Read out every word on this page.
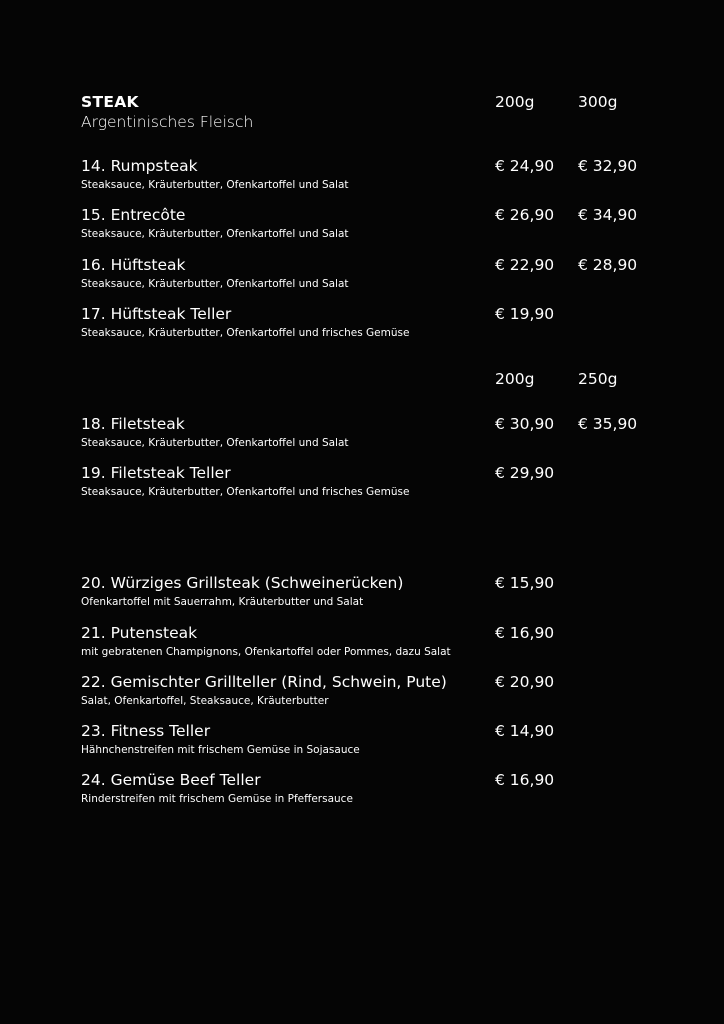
STEAK
Argentinisches Fleisch
200g	300g
14. Rumpsteak
Steaksauce, Kräuterbutter, Ofenkartoffel und Salat
€ 24,90 € 32,90
15. Entrecôte
Steaksauce, Kräuterbutter, Ofenkartoffel und Salat
€ 26,90 € 34,90
16. Hüftsteak
Steaksauce, Kräuterbutter, Ofenkartoffel und Salat
€ 22,90 € 28,90
17. Hüftsteak Teller
Steaksauce, Kräuterbutter, Ofenkartoffel und frisches Gemüse
€ 19,90
200g	250g
18. Filetsteak
Steaksauce, Kräuterbutter, Ofenkartoffel und Salat
€ 30,90 € 35,90
19. Filetsteak Teller
Steaksauce, Kräuterbutter, Ofenkartoffel und frisches Gemüse
€ 29,90
20. Würziges Grillsteak (Schweinerücken)
Ofenkartoffel mit Sauerrahm, Kräuterbutter und Salat
€ 15,90
21. Putensteak
mit gebratenen Champignons, Ofenkartoffel oder Pommes, dazu Salat
€ 16,90
22. Gemischter Grillteller (Rind, Schwein, Pute)
Salat, Ofenkartoffel, Steaksauce, Kräuterbutter
€ 20,90
23. Fitness Teller
Hähnchenstreifen mit frischem Gemüse in Sojasauce
€ 14,90
24. Gemüse Beef Teller
Rinderstreifen mit frischem Gemüse in Pfeffersauce
€ 16,90
